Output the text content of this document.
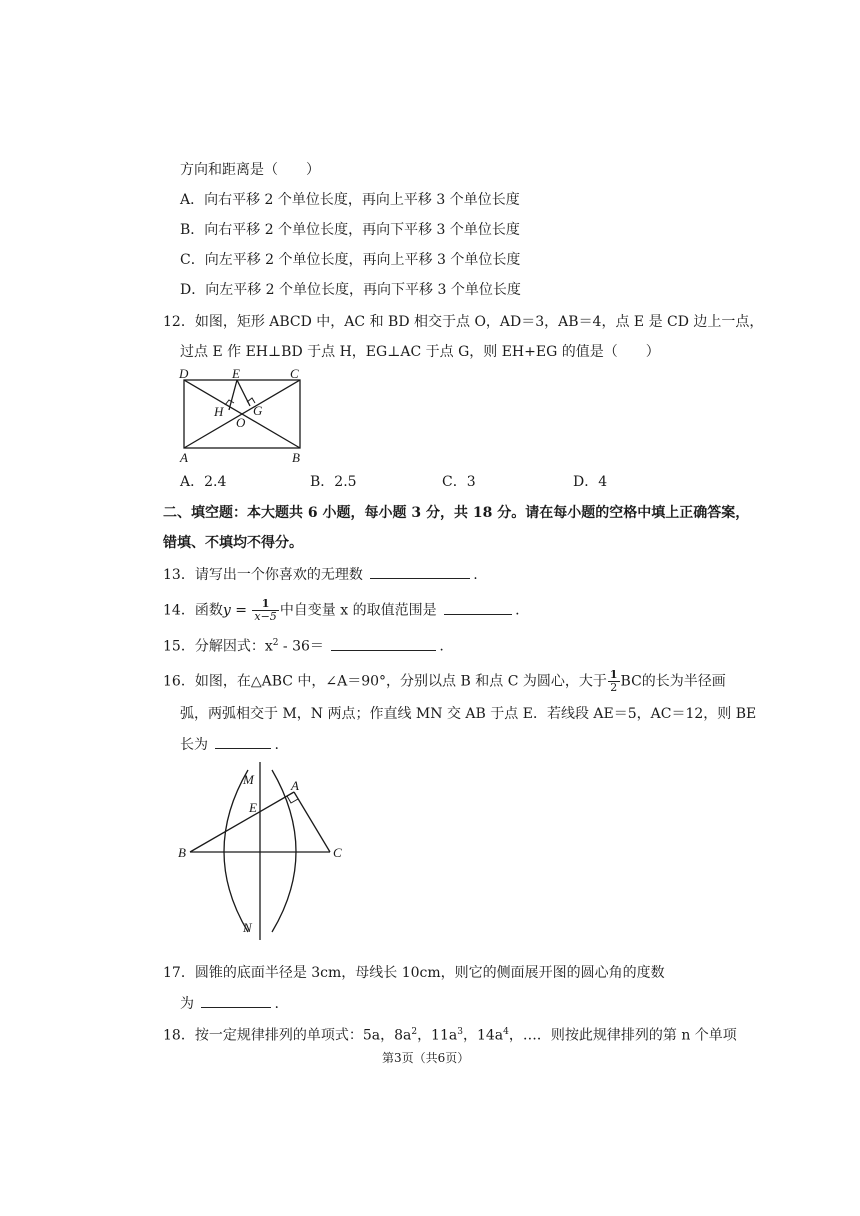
方向和距离是（　　）
A．向右平移 2 个单位长度，再向上平移 3 个单位长度
B．向右平移 2 个单位长度，再向下平移 3 个单位长度
C．向左平移 2 个单位长度，再向上平移 3 个单位长度
D．向左平移 2 个单位长度，再向下平移 3 个单位长度
12．如图，矩形 ABCD 中，AC 和 BD 相交于点 O，AD＝3，AB＝4，点 E 是 CD 边上一点，
过点 E 作 EH⊥BD 于点 H，EG⊥AC 于点 G，则 EH+EG 的值是（　　）
D	E	C
H G
O
A	B
A．2.4	B．2.5	C．3	D．4
二、填空题：本大题共 6 小题，每小题 3 分，共 18 分。请在每小题的空格中填上正确答案，
错填、不填均不得分。
13．请写出一个你喜欢的无理数	.
14．函数$y = \frac{1}{x-5}$ 中自变量 x 的取值范围是	.
15．分解因式：$x^2 - 36=$	.
16．如图，在△ABC 中，∠A＝90°，分别以点 B 和点 C 为圆心，大于 $\frac{1}{2}$ BC的长为半径画
弧，两弧相交于 M，N 两点；作直线 MN 交 AB 于点 E．若线段 AE＝5，AC＝12，则 BE
长为	.
M	A
E
B	C
N
17．圆锥的底面半径是 3cm，母线长 10cm，则它的侧面展开图的圆心角的度数
为	.
18．按一定规律排列的单项式：5a，$8a^2$，$11a^3$，$14a^4$，…．则按此规律排列的第 n 个单项
第3页（共6页）
